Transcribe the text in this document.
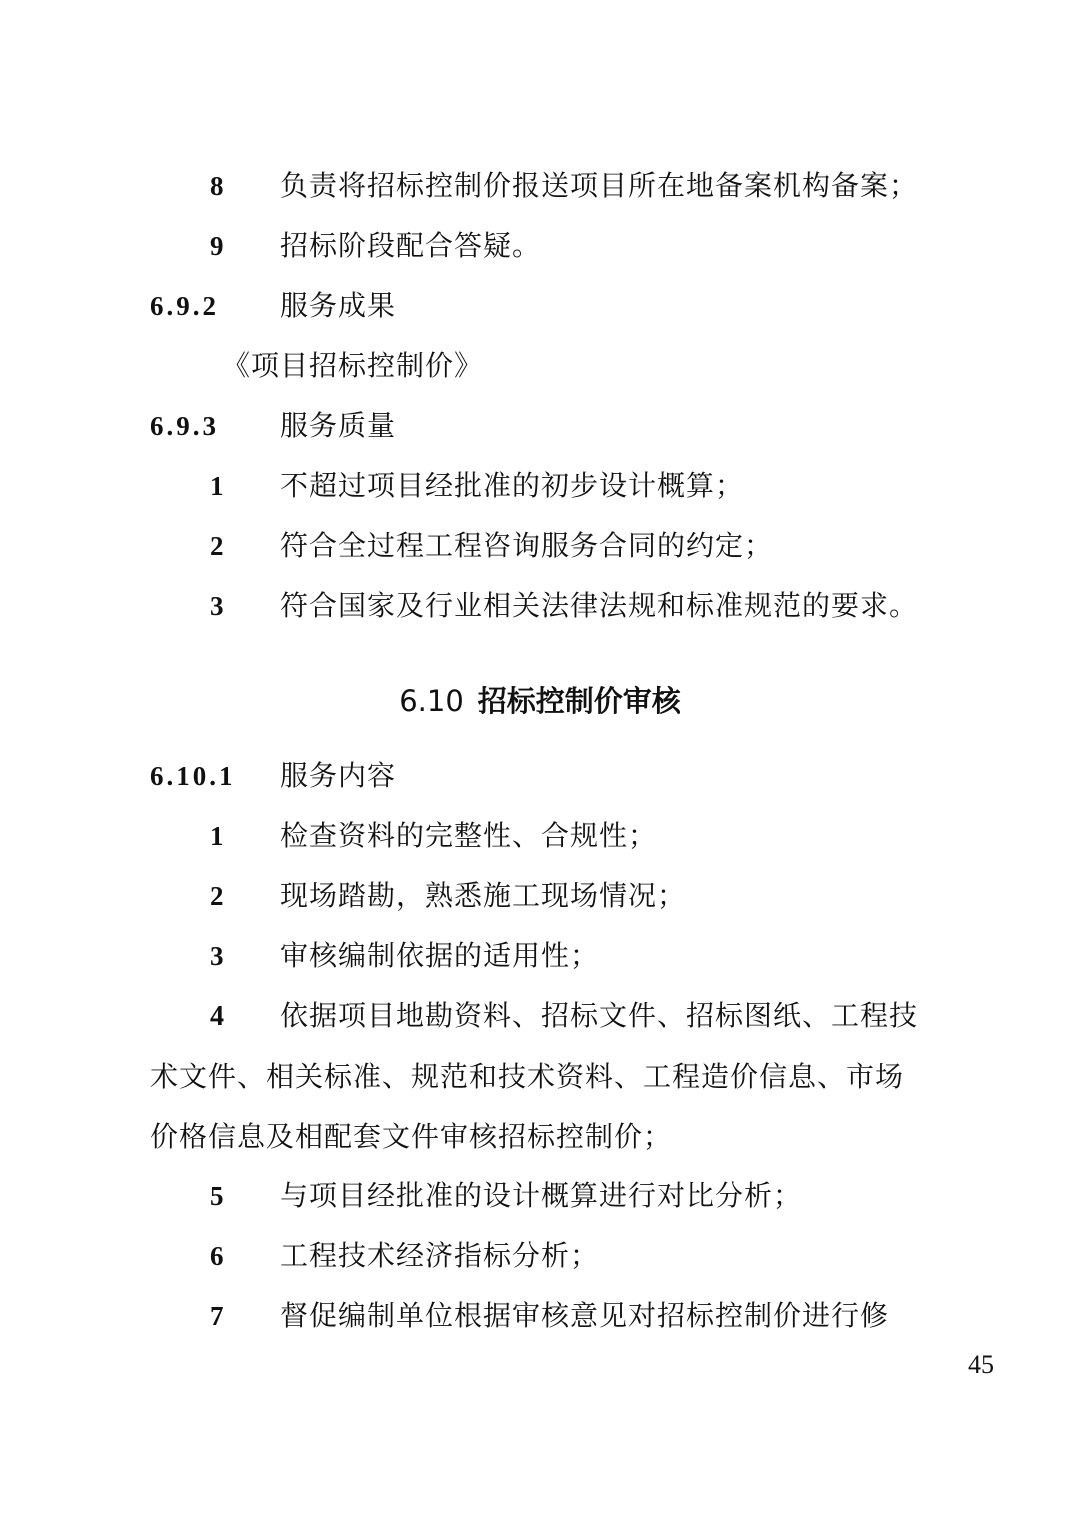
8 负责将招标控制价报送项目所在地备案机构备案；
9 招标阶段配合答疑。
6.9.2 服务成果
《项目招标控制价》
6.9.3 服务质量
1 不超过项目经批准的初步设计概算；
2 符合全过程工程咨询服务合同的约定；
3 符合国家及行业相关法律法规和标准规范的要求。
6.10 招标控制价审核
6.10.1 服务内容
1 检查资料的完整性、合规性；
2 现场踏勘，熟悉施工现场情况；
3 审核编制依据的适用性；
4 依据项目地勘资料、招标文件、招标图纸、工程技术文件、相关标准、规范和技术资料、工程造价信息、市场价格信息及相配套文件审核招标控制价；
5 与项目经批准的设计概算进行对比分析；
6 工程技术经济指标分析；
7 督促编制单位根据审核意见对招标控制价进行修
45
